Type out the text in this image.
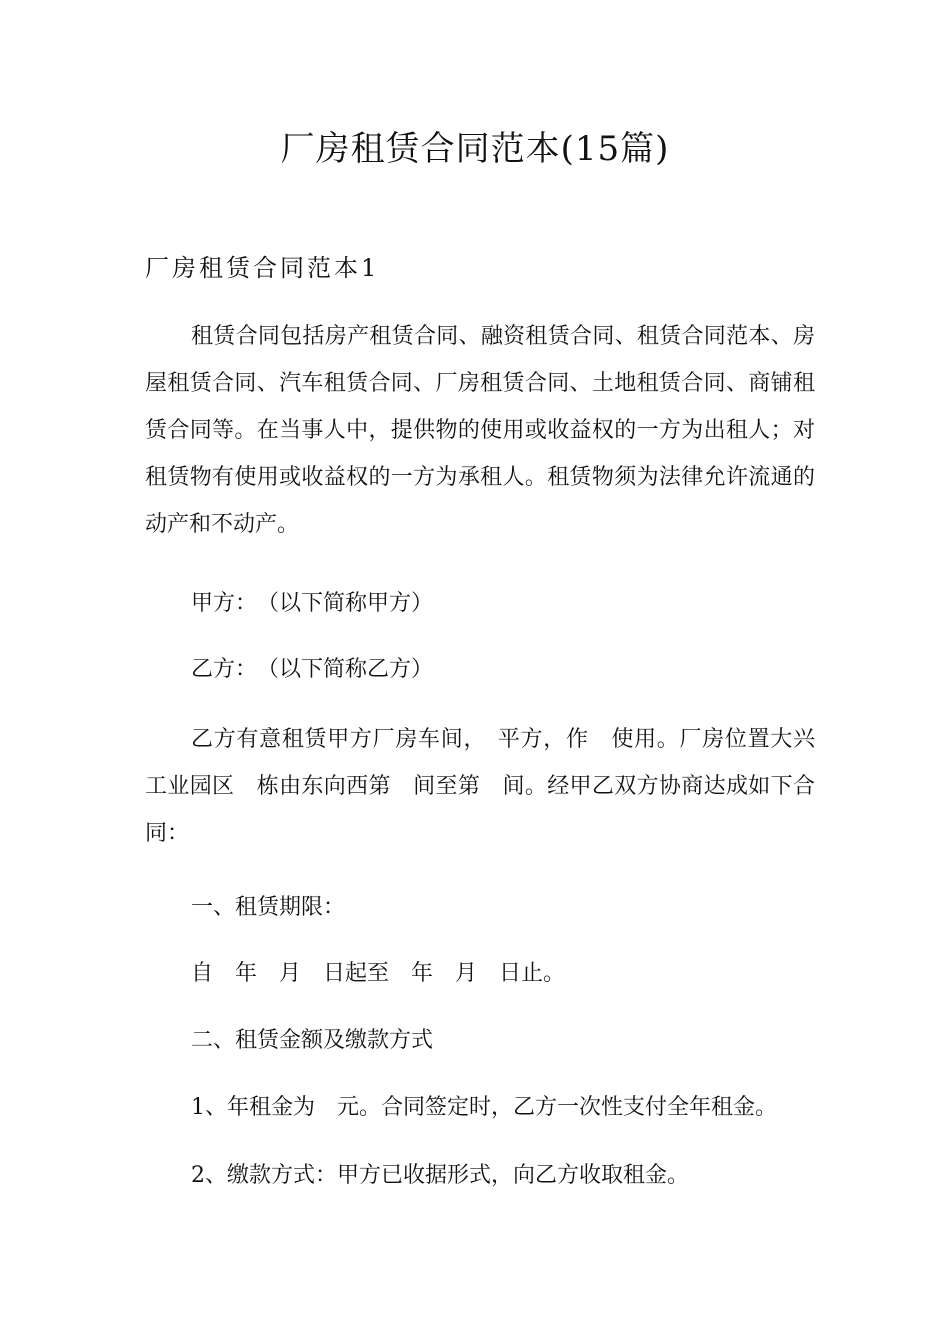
厂房租赁合同范本(15篇)
厂房租赁合同范本1

租赁合同包括房产租赁合同、融资租赁合同、租赁合同范本、房屋租赁合同、汽车租赁合同、厂房租赁合同、土地租赁合同、商铺租赁合同等。在当事人中，提供物的使用或收益权的一方为出租人；对租赁物有使用或收益权的一方为承租人。租赁物须为法律允许流通的动产和不动产。

甲方：　（以下简称甲方）

乙方：　（以下简称乙方）

乙方有意租赁甲方厂房车间，　平方，作　使用。厂房位置大兴工业园区　栋由东向西第　间至第　间。经甲乙双方协商达成如下合同：

一、租赁期限：

自　年　月　日起至　年　月　日止。

二、租赁金额及缴款方式

1、年租金为　元。合同签定时，乙方一次性支付全年租金。

2、缴款方式：甲方已收据形式，向乙方收取租金。
